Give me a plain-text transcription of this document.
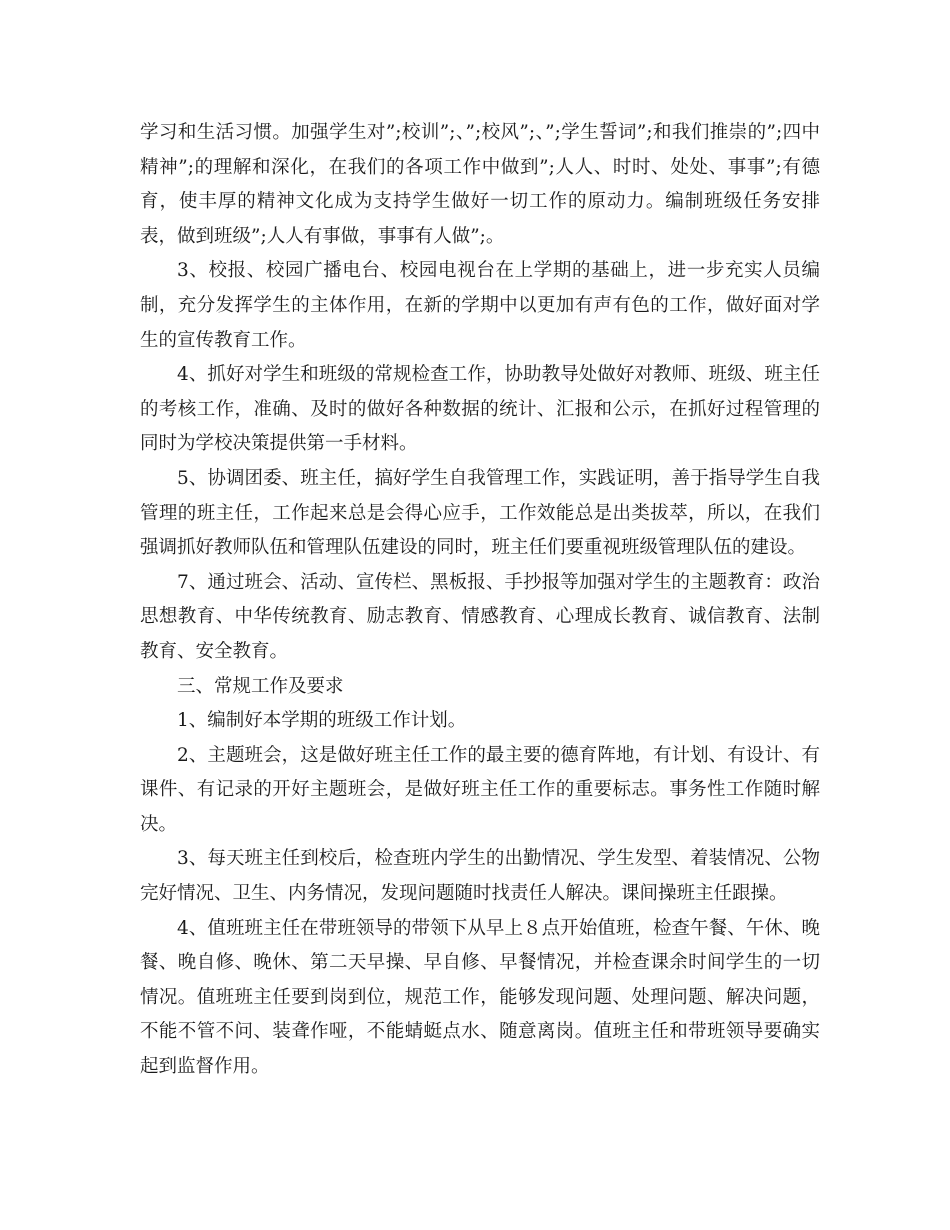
学习和生活习惯。加强学生对”;校训”;、”;校风”;、”;学生誓词”;和我们推崇的”;四中精神”;的理解和深化，在我们的各项工作中做到”;人人、时时、处处、事事”;有德育，使丰厚的精神文化成为支持学生做好一切工作的原动力。编制班级任务安排表，做到班级”;人人有事做，事事有人做”;。

3、校报、校园广播电台、校园电视台在上学期的基础上，进一步充实人员编制，充分发挥学生的主体作用，在新的学期中以更加有声有色的工作，做好面对学生的宣传教育工作。

4、抓好对学生和班级的常规检查工作，协助教导处做好对教师、班级、班主任的考核工作，准确、及时的做好各种数据的统计、汇报和公示，在抓好过程管理的同时为学校决策提供第一手材料。

5、协调团委、班主任，搞好学生自我管理工作，实践证明，善于指导学生自我管理的班主任，工作起来总是会得心应手，工作效能总是出类拔萃，所以，在我们强调抓好教师队伍和管理队伍建设的同时，班主任们要重视班级管理队伍的建设。

7、通过班会、活动、宣传栏、黑板报、手抄报等加强对学生的主题教育：政治思想教育、中华传统教育、励志教育、情感教育、心理成长教育、诚信教育、法制教育、安全教育。

三、常规工作及要求

1、编制好本学期的班级工作计划。

2、主题班会，这是做好班主任工作的最主要的德育阵地，有计划、有设计、有课件、有记录的开好主题班会，是做好班主任工作的重要标志。事务性工作随时解决。

3、每天班主任到校后，检查班内学生的出勤情况、学生发型、着装情况、公物完好情况、卫生、内务情况，发现问题随时找责任人解决。课间操班主任跟操。

4、值班班主任在带班领导的带领下从早上８点开始值班，检查午餐、午休、晚餐、晚自修、晚休、第二天早操、早自修、早餐情况，并检查课余时间学生的一切情况。值班班主任要到岗到位，规范工作，能够发现问题、处理问题、解决问题，不能不管不问、装聋作哑，不能蜻蜓点水、随意离岗。值班主任和带班领导要确实起到监督作用。
